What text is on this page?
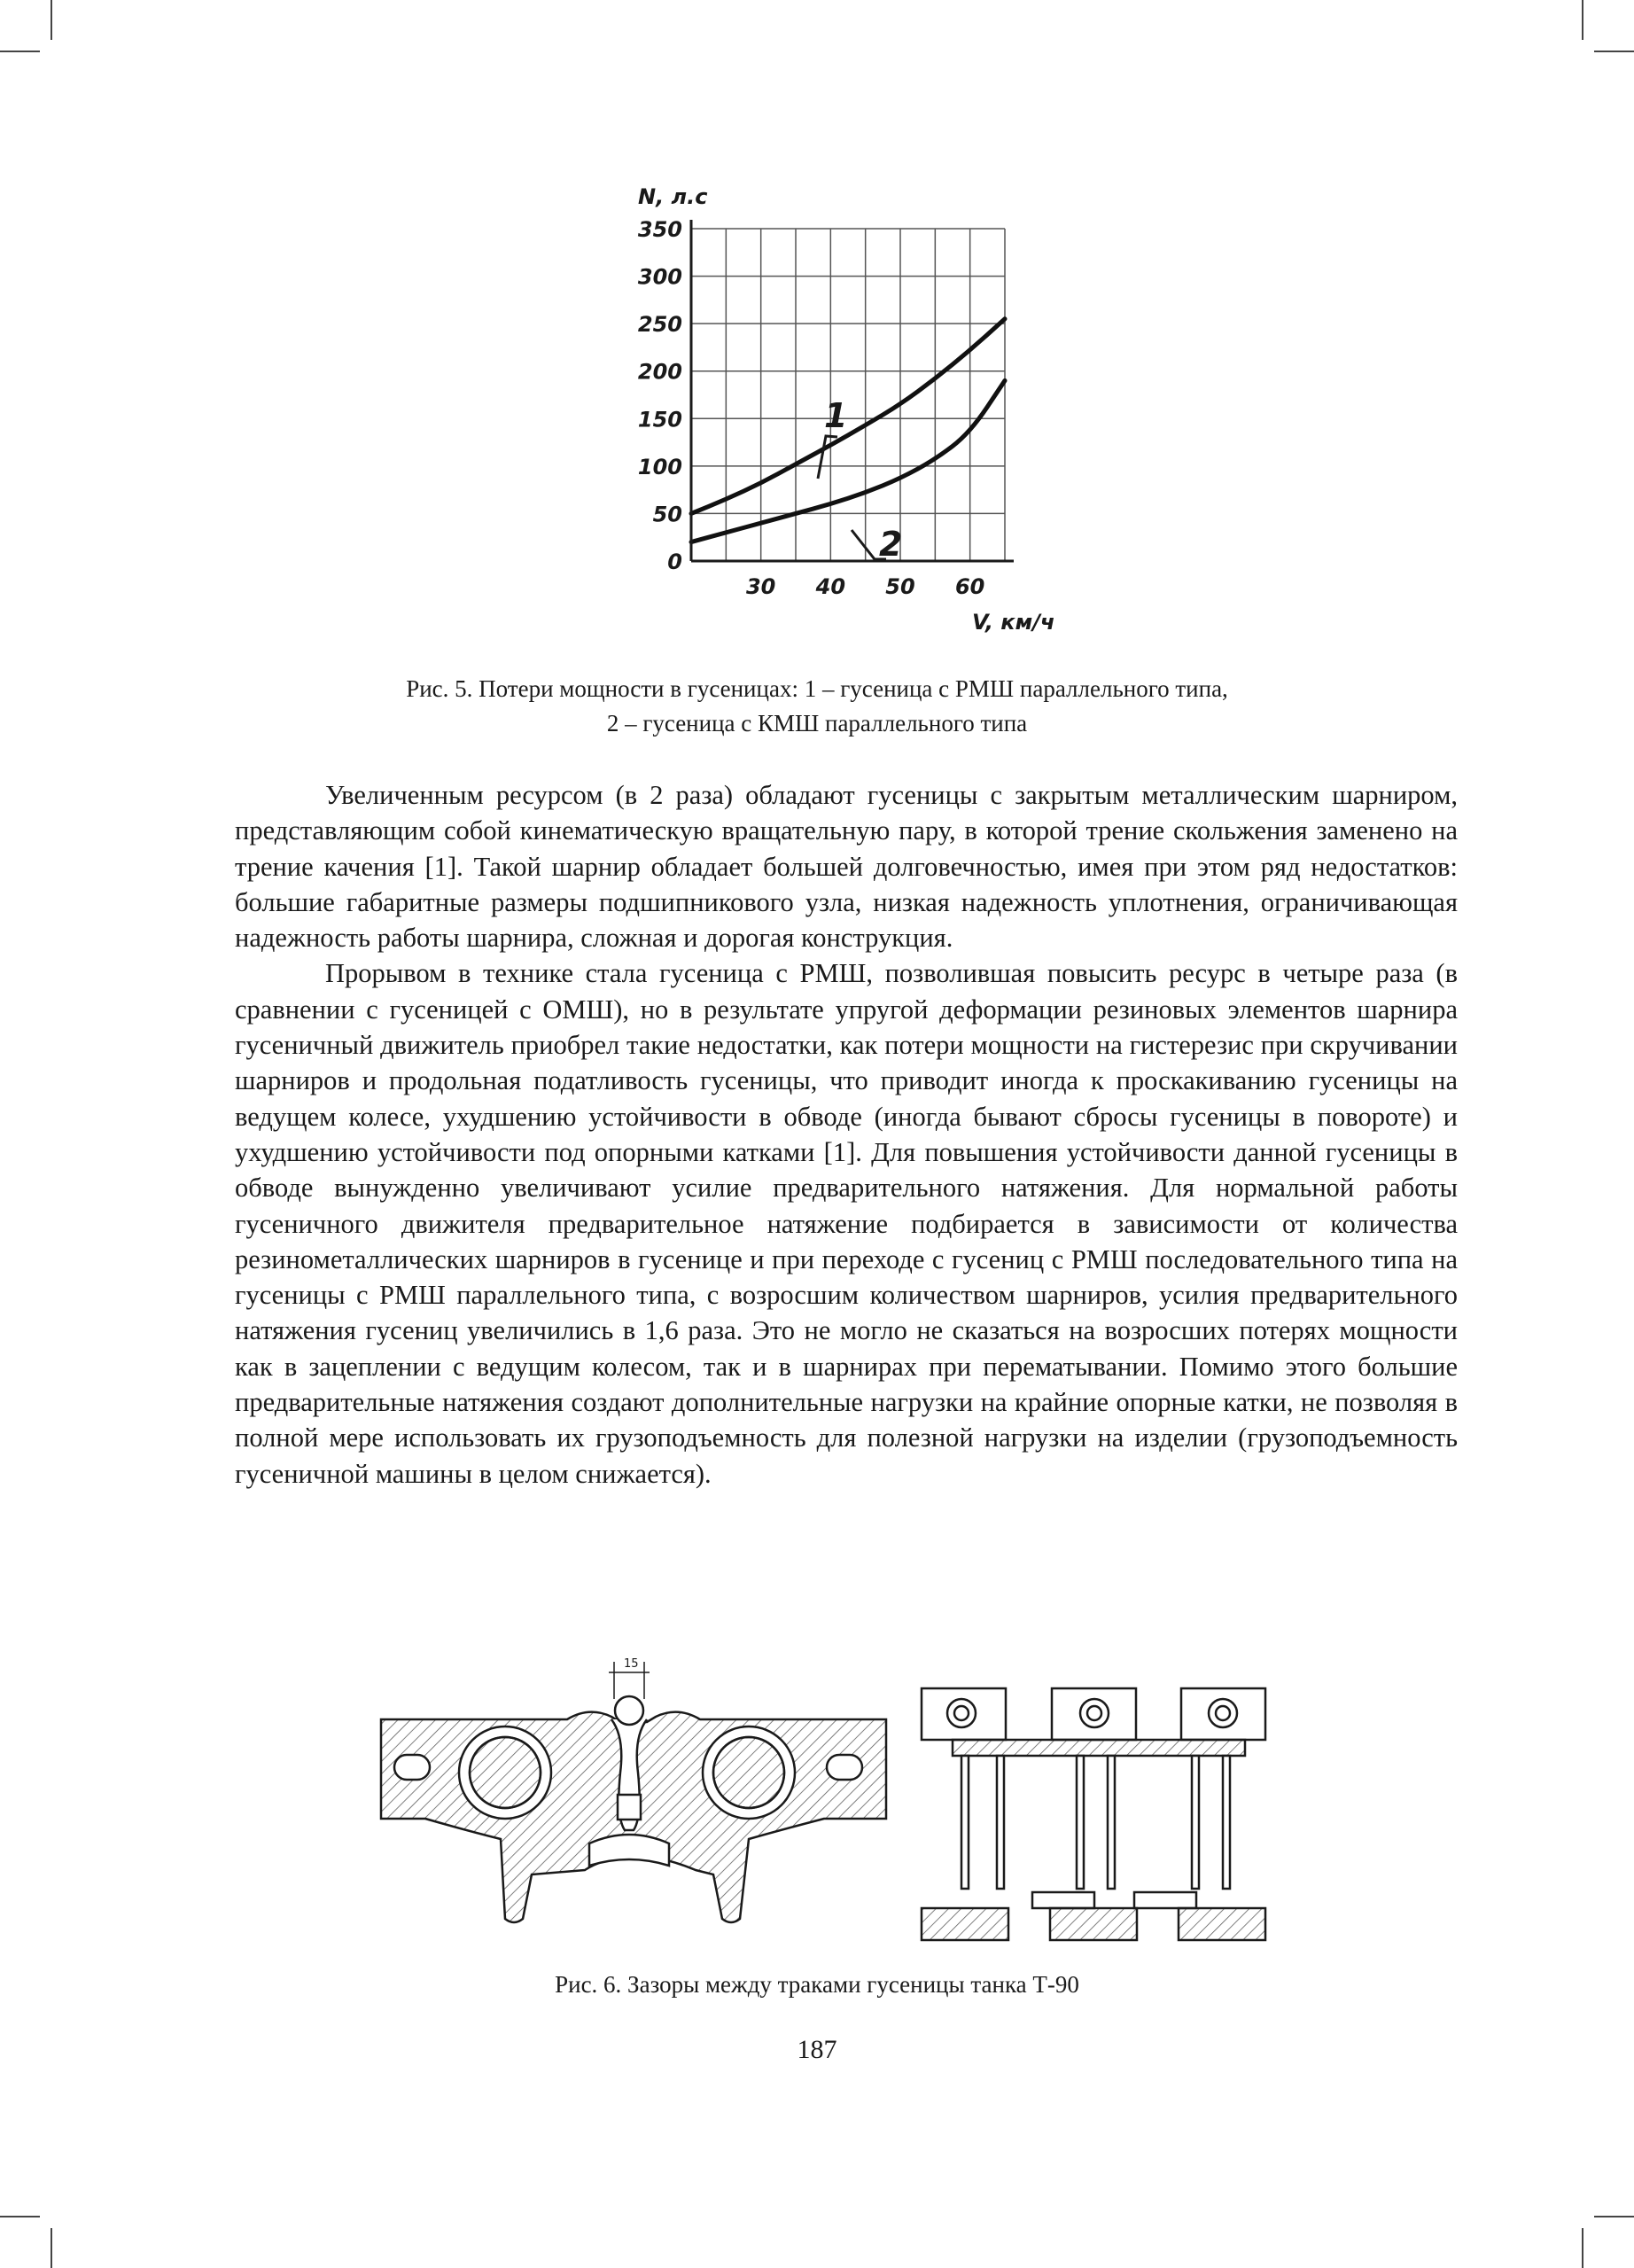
0
50
100
150
200
250
300
350
30 40 50 60
N, л.с
V, км/ч
1
2
Рис. 5. Потери мощности в гусеницах: 1 – гусеница с РМШ параллельного типа,
2 – гусеница с КМШ параллельного типа

Увеличенным ресурсом (в 2 раза) обладают гусеницы с закрытым металлическим шарниром, представляющим собой кинематическую вращательную пару, в которой трение скольжения заменено на трение качения [1]. Такой шарнир обладает большей долговечностью, имея при этом ряд недостатков: большие габаритные размеры подшипникового узла, низкая надежность уплотнения, ограничивающая надежность работы шарнира, сложная и дорогая конструкция.

Прорывом в технике стала гусеница с РМШ, позволившая повысить ресурс в четыре раза (в сравнении с гусеницей с ОМШ), но в результате упругой деформации резиновых элементов шарнира гусеничный движитель приобрел такие недостатки, как потери мощности на гистерезис при скручивании шарниров и продольная податливость гусеницы, что приводит иногда к проскакиванию гусеницы на ведущем колесе, ухудшению устойчивости в обводе (иногда бывают сбросы гусеницы в повороте) и ухудшению устойчивости под опорными катками [1]. Для повышения устойчивости данной гусеницы в обводе вынужденно увеличивают усилие предварительного натяжения. Для нормальной работы гусеничного движителя предварительное натяжение подбирается в зависимости от количества резинометаллических шарниров в гусенице и при переходе с гусениц с РМШ последовательного типа на гусеницы с РМШ параллельного типа, с возросшим количеством шарниров, усилия предварительного натяжения гусениц увеличились в 1,6 раза. Это не могло не сказаться на возросших потерях мощности как в зацеплении с ведущим колесом, так и в шарнирах при перематывании. Помимо этого большие предварительные натяжения создают дополнительные нагрузки на крайние опорные катки, не позволяя в полной мере использовать их грузоподъемность для полезной нагрузки на изделии (грузоподъемность гусеничной машины в целом снижается).

15
Рис. 6. Зазоры между траками гусеницы танка Т-90
187
